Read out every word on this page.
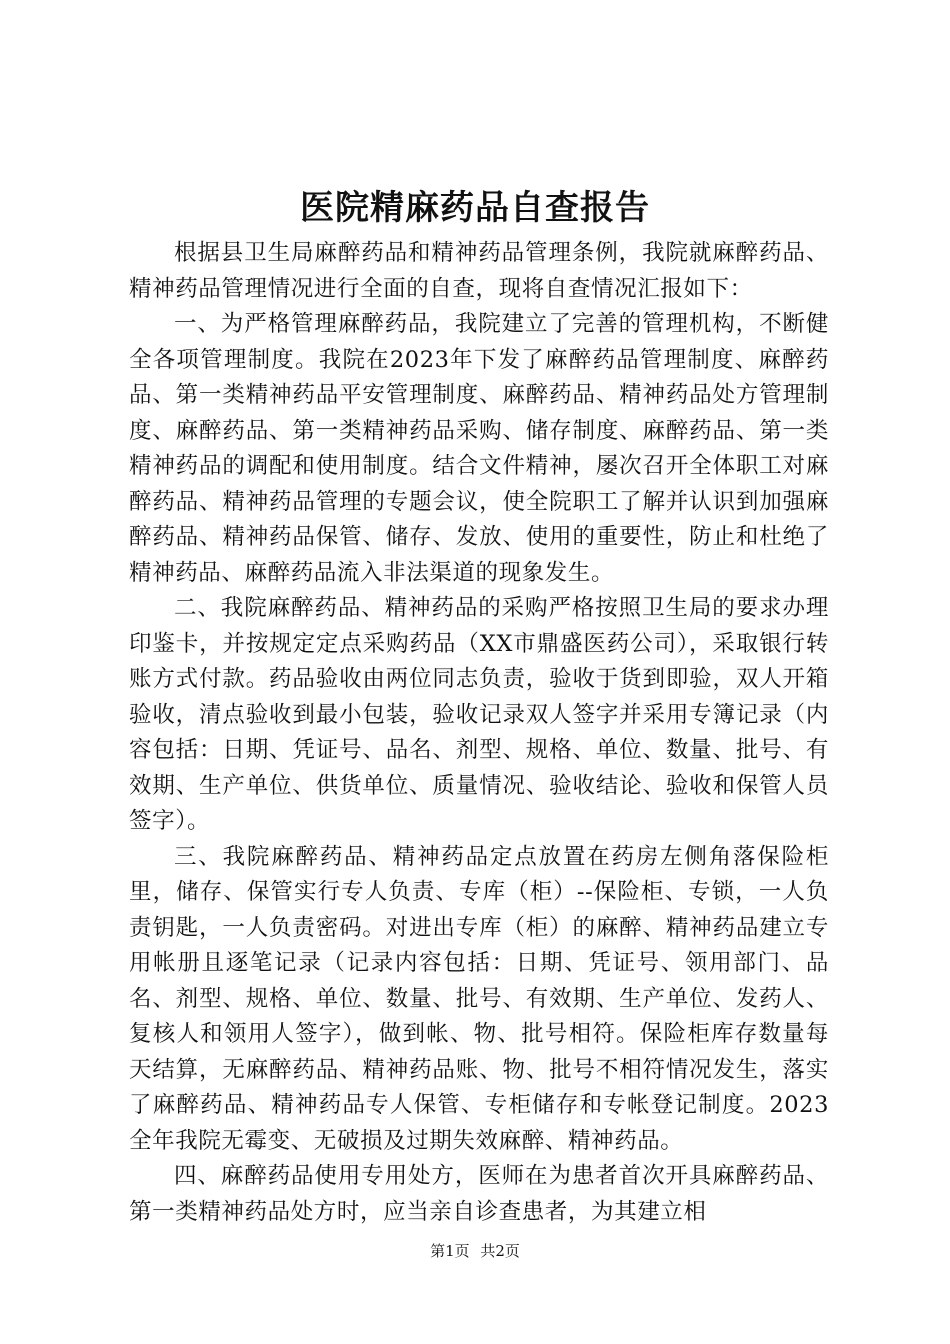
医院精麻药品自查报告

根据县卫生局麻醉药品和精神药品管理条例，我院就麻醉药品、精神药品管理情况进行全面的自查，现将自查情况汇报如下：

一、为严格管理麻醉药品，我院建立了完善的管理机构，不断健全各项管理制度。我院在2023年下发了麻醉药品管理制度、麻醉药品、第一类精神药品平安管理制度、麻醉药品、精神药品处方管理制度、麻醉药品、第一类精神药品采购、储存制度、麻醉药品、第一类精神药品的调配和使用制度。结合文件精神，屡次召开全体职工对麻醉药品、精神药品管理的专题会议，使全院职工了解并认识到加强麻醉药品、精神药品保管、储存、发放、使用的重要性，防止和杜绝了精神药品、麻醉药品流入非法渠道的现象发生。

二、我院麻醉药品、精神药品的采购严格按照卫生局的要求办理印鉴卡，并按规定定点采购药品（XX市鼎盛医药公司），采取银行转账方式付款。药品验收由两位同志负责，验收于货到即验，双人开箱验收，清点验收到最小包装，验收记录双人签字并采用专簿记录（内容包括：日期、凭证号、品名、剂型、规格、单位、数量、批号、有效期、生产单位、供货单位、质量情况、验收结论、验收和保管人员签字）。

三、我院麻醉药品、精神药品定点放置在药房左侧角落保险柜里，储存、保管实行专人负责、专库（柜）--保险柜、专锁，一人负责钥匙，一人负责密码。对进出专库（柜）的麻醉、精神药品建立专用帐册且逐笔记录（记录内容包括：日期、凭证号、领用部门、品名、剂型、规格、单位、数量、批号、有效期、生产单位、发药人、复核人和领用人签字），做到帐、物、批号相符。保险柜库存数量每天结算，无麻醉药品、精神药品账、物、批号不相符情况发生，落实了麻醉药品、精神药品专人保管、专柜储存和专帐登记制度。2023全年我院无霉变、无破损及过期失效麻醉、精神药品。

四、麻醉药品使用专用处方，医师在为患者首次开具麻醉药品、第一类精神药品处方时，应当亲自诊查患者，为其建立相

第1页 共2页
